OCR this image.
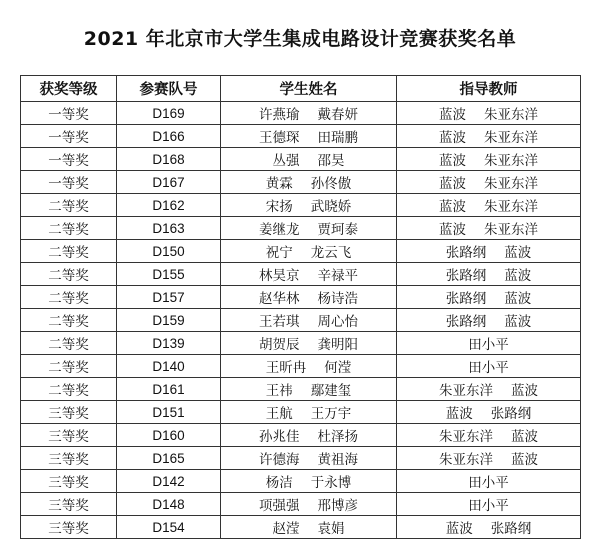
2021 年北京市大学生集成电路设计竞赛获奖名单
获奖等级	参赛队号	学生姓名	指导教师
一等奖	D169	许燕瑜 戴春妍	蓝波 朱亚东洋
一等奖	D166	王德琛 田瑞鹏	蓝波 朱亚东洋
一等奖	D168	丛强 邵昊	蓝波 朱亚东洋
一等奖	D167	黄霖 孙佟傲	蓝波 朱亚东洋
二等奖	D162	宋扬 武晓娇	蓝波 朱亚东洋
二等奖	D163	姜继龙 贾珂泰	蓝波 朱亚东洋
二等奖	D150	祝宁 龙云飞	张路纲 蓝波
二等奖	D155	林昊京 辛禄平	张路纲 蓝波
二等奖	D157	赵华林 杨诗浩	张路纲 蓝波
二等奖	D159	王若琪 周心怡	张路纲 蓝波
二等奖	D139	胡贺辰 龚明阳	田小平
二等奖	D140	王昕冉 何滢	田小平
二等奖	D161	王祎 鄢建玺	朱亚东洋 蓝波
三等奖	D151	王航 王万宇	蓝波 张路纲
三等奖	D160	孙兆佳 杜泽扬	朱亚东洋 蓝波
三等奖	D165	许德海 黄祖海	朱亚东洋 蓝波
三等奖	D142	杨洁 于永博	田小平
三等奖	D148	项强强 邢博彦	田小平
三等奖	D154	赵滢 袁娟	蓝波 张路纲
